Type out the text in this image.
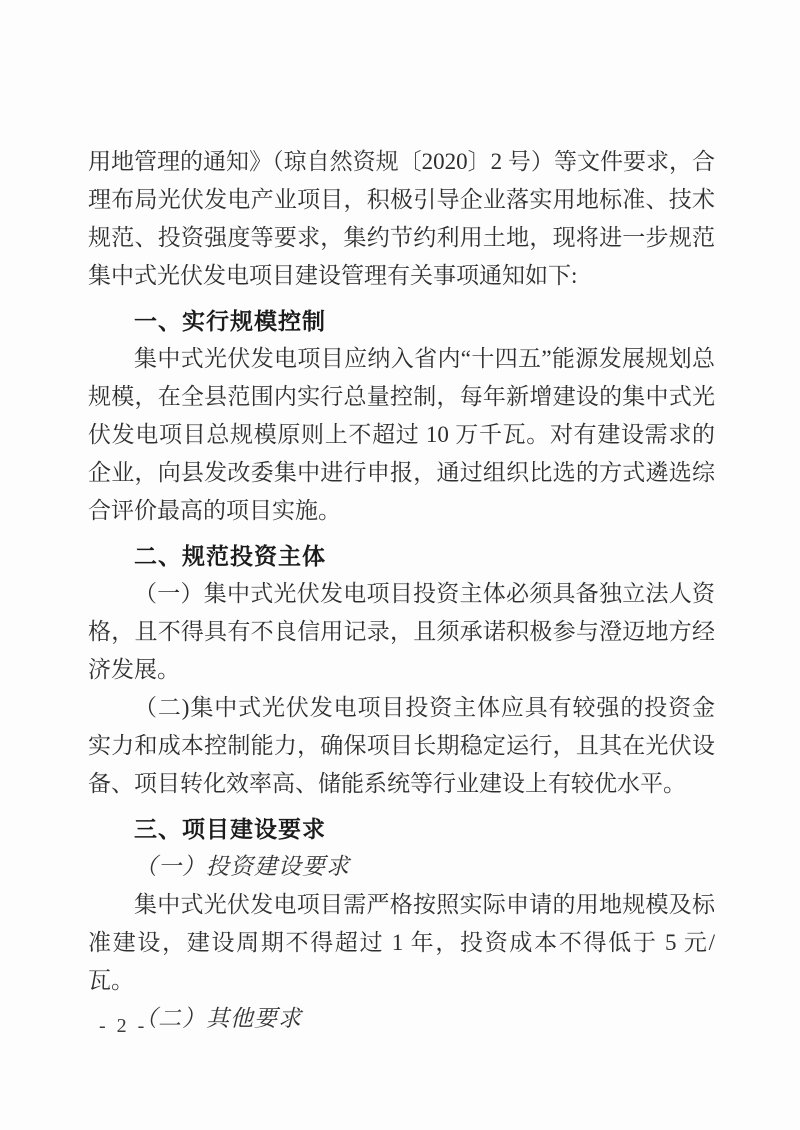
用地管理的通知》（琼自然资规〔2020〕2 号）等文件要求，合理布局光伏发电产业项目，积极引导企业落实用地标准、技术规范、投资强度等要求，集约节约利用土地，现将进一步规范集中式光伏发电项目建设管理有关事项通知如下:

一、实行规模控制

集中式光伏发电项目应纳入省内“十四五”能源发展规划总规模，在全县范围内实行总量控制，每年新增建设的集中式光伏发电项目总规模原则上不超过 10 万千瓦。对有建设需求的企业，向县发改委集中进行申报，通过组织比选的方式遴选综合评价最高的项目实施。

二、规范投资主体

（一）集中式光伏发电项目投资主体必须具备独立法人资格，且不得具有不良信用记录，且须承诺积极参与澄迈地方经济发展。

（二)集中式光伏发电项目投资主体应具有较强的投资金实力和成本控制能力，确保项目长期稳定运行，且其在光伏设备、项目转化效率高、储能系统等行业建设上有较优水平。

三、项目建设要求

（一）投资建设要求

集中式光伏发电项目需严格按照实际申请的用地规模及标准建设，建设周期不得超过 1 年，投资成本不得低于 5 元/瓦。

（二）其他要求

- 2 -
